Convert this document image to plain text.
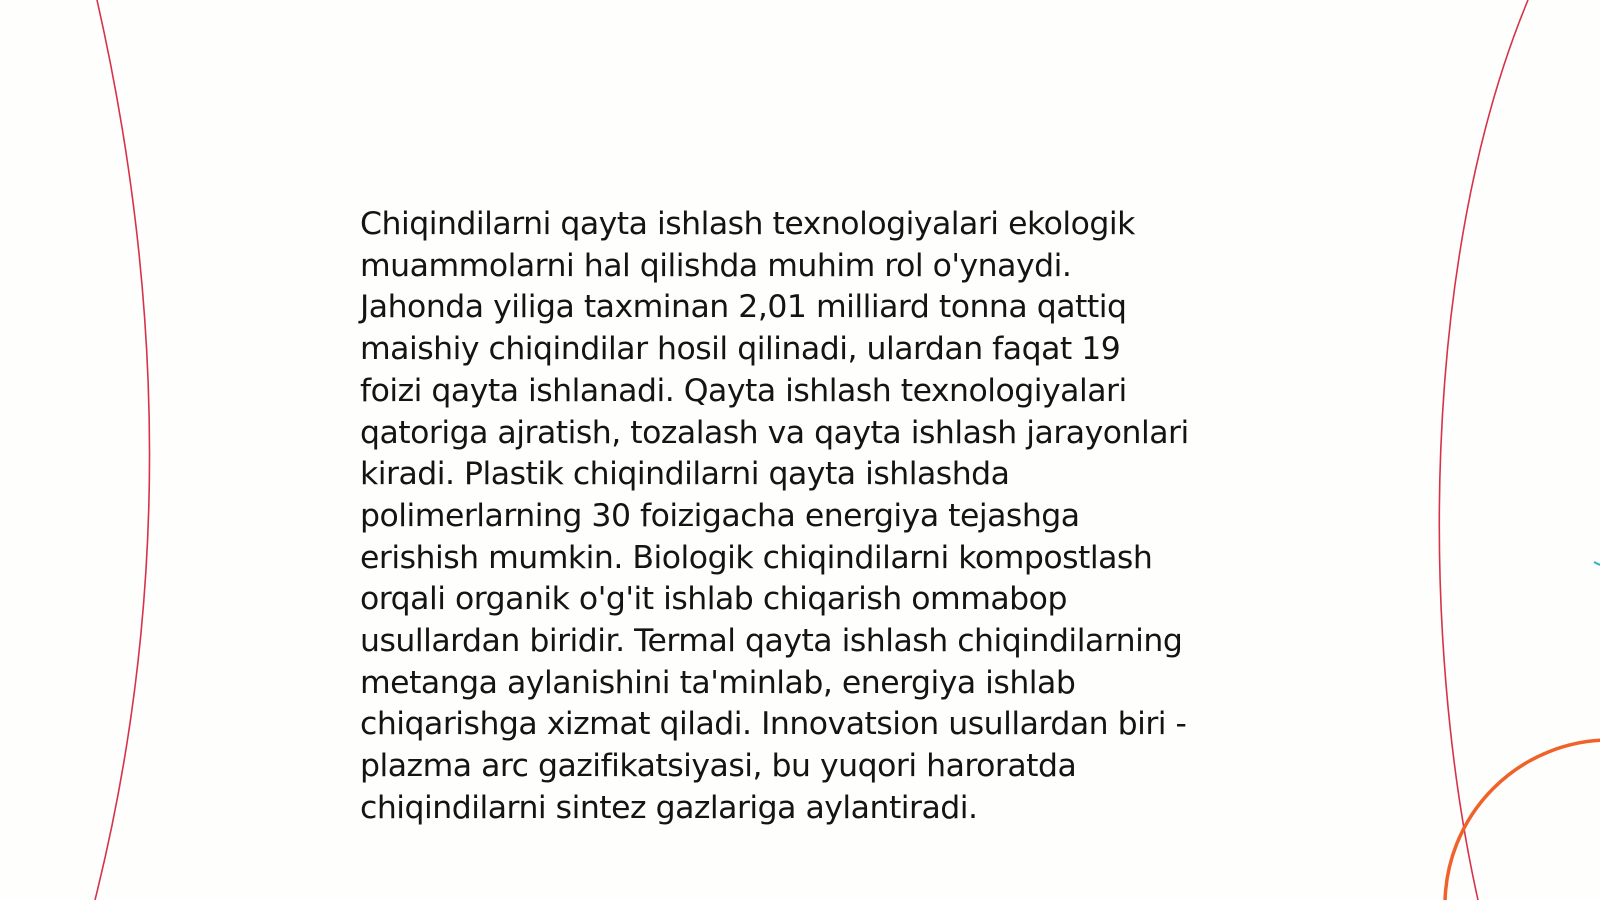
Chiqindilarni qayta ishlash texnologiyalari ekologik
muammolarni hal qilishda muhim rol o'ynaydi.
Jahonda yiliga taxminan 2,01 milliard tonna qattiq
maishiy chiqindilar hosil qilinadi, ulardan faqat 19
foizi qayta ishlanadi. Qayta ishlash texnologiyalari
qatoriga ajratish, tozalash va qayta ishlash jarayonlari
kiradi. Plastik chiqindilarni qayta ishlashda
polimerlarning 30 foizigacha energiya tejashga
erishish mumkin. Biologik chiqindilarni kompostlash
orqali organik o'g'it ishlab chiqarish ommabop
usullardan biridir. Termal qayta ishlash chiqindilarning
metanga aylanishini ta'minlab, energiya ishlab
chiqarishga xizmat qiladi. Innovatsion usullardan biri -
plazma arc gazifikatsiyasi, bu yuqori haroratda
chiqindilarni sintez gazlariga aylantiradi.
